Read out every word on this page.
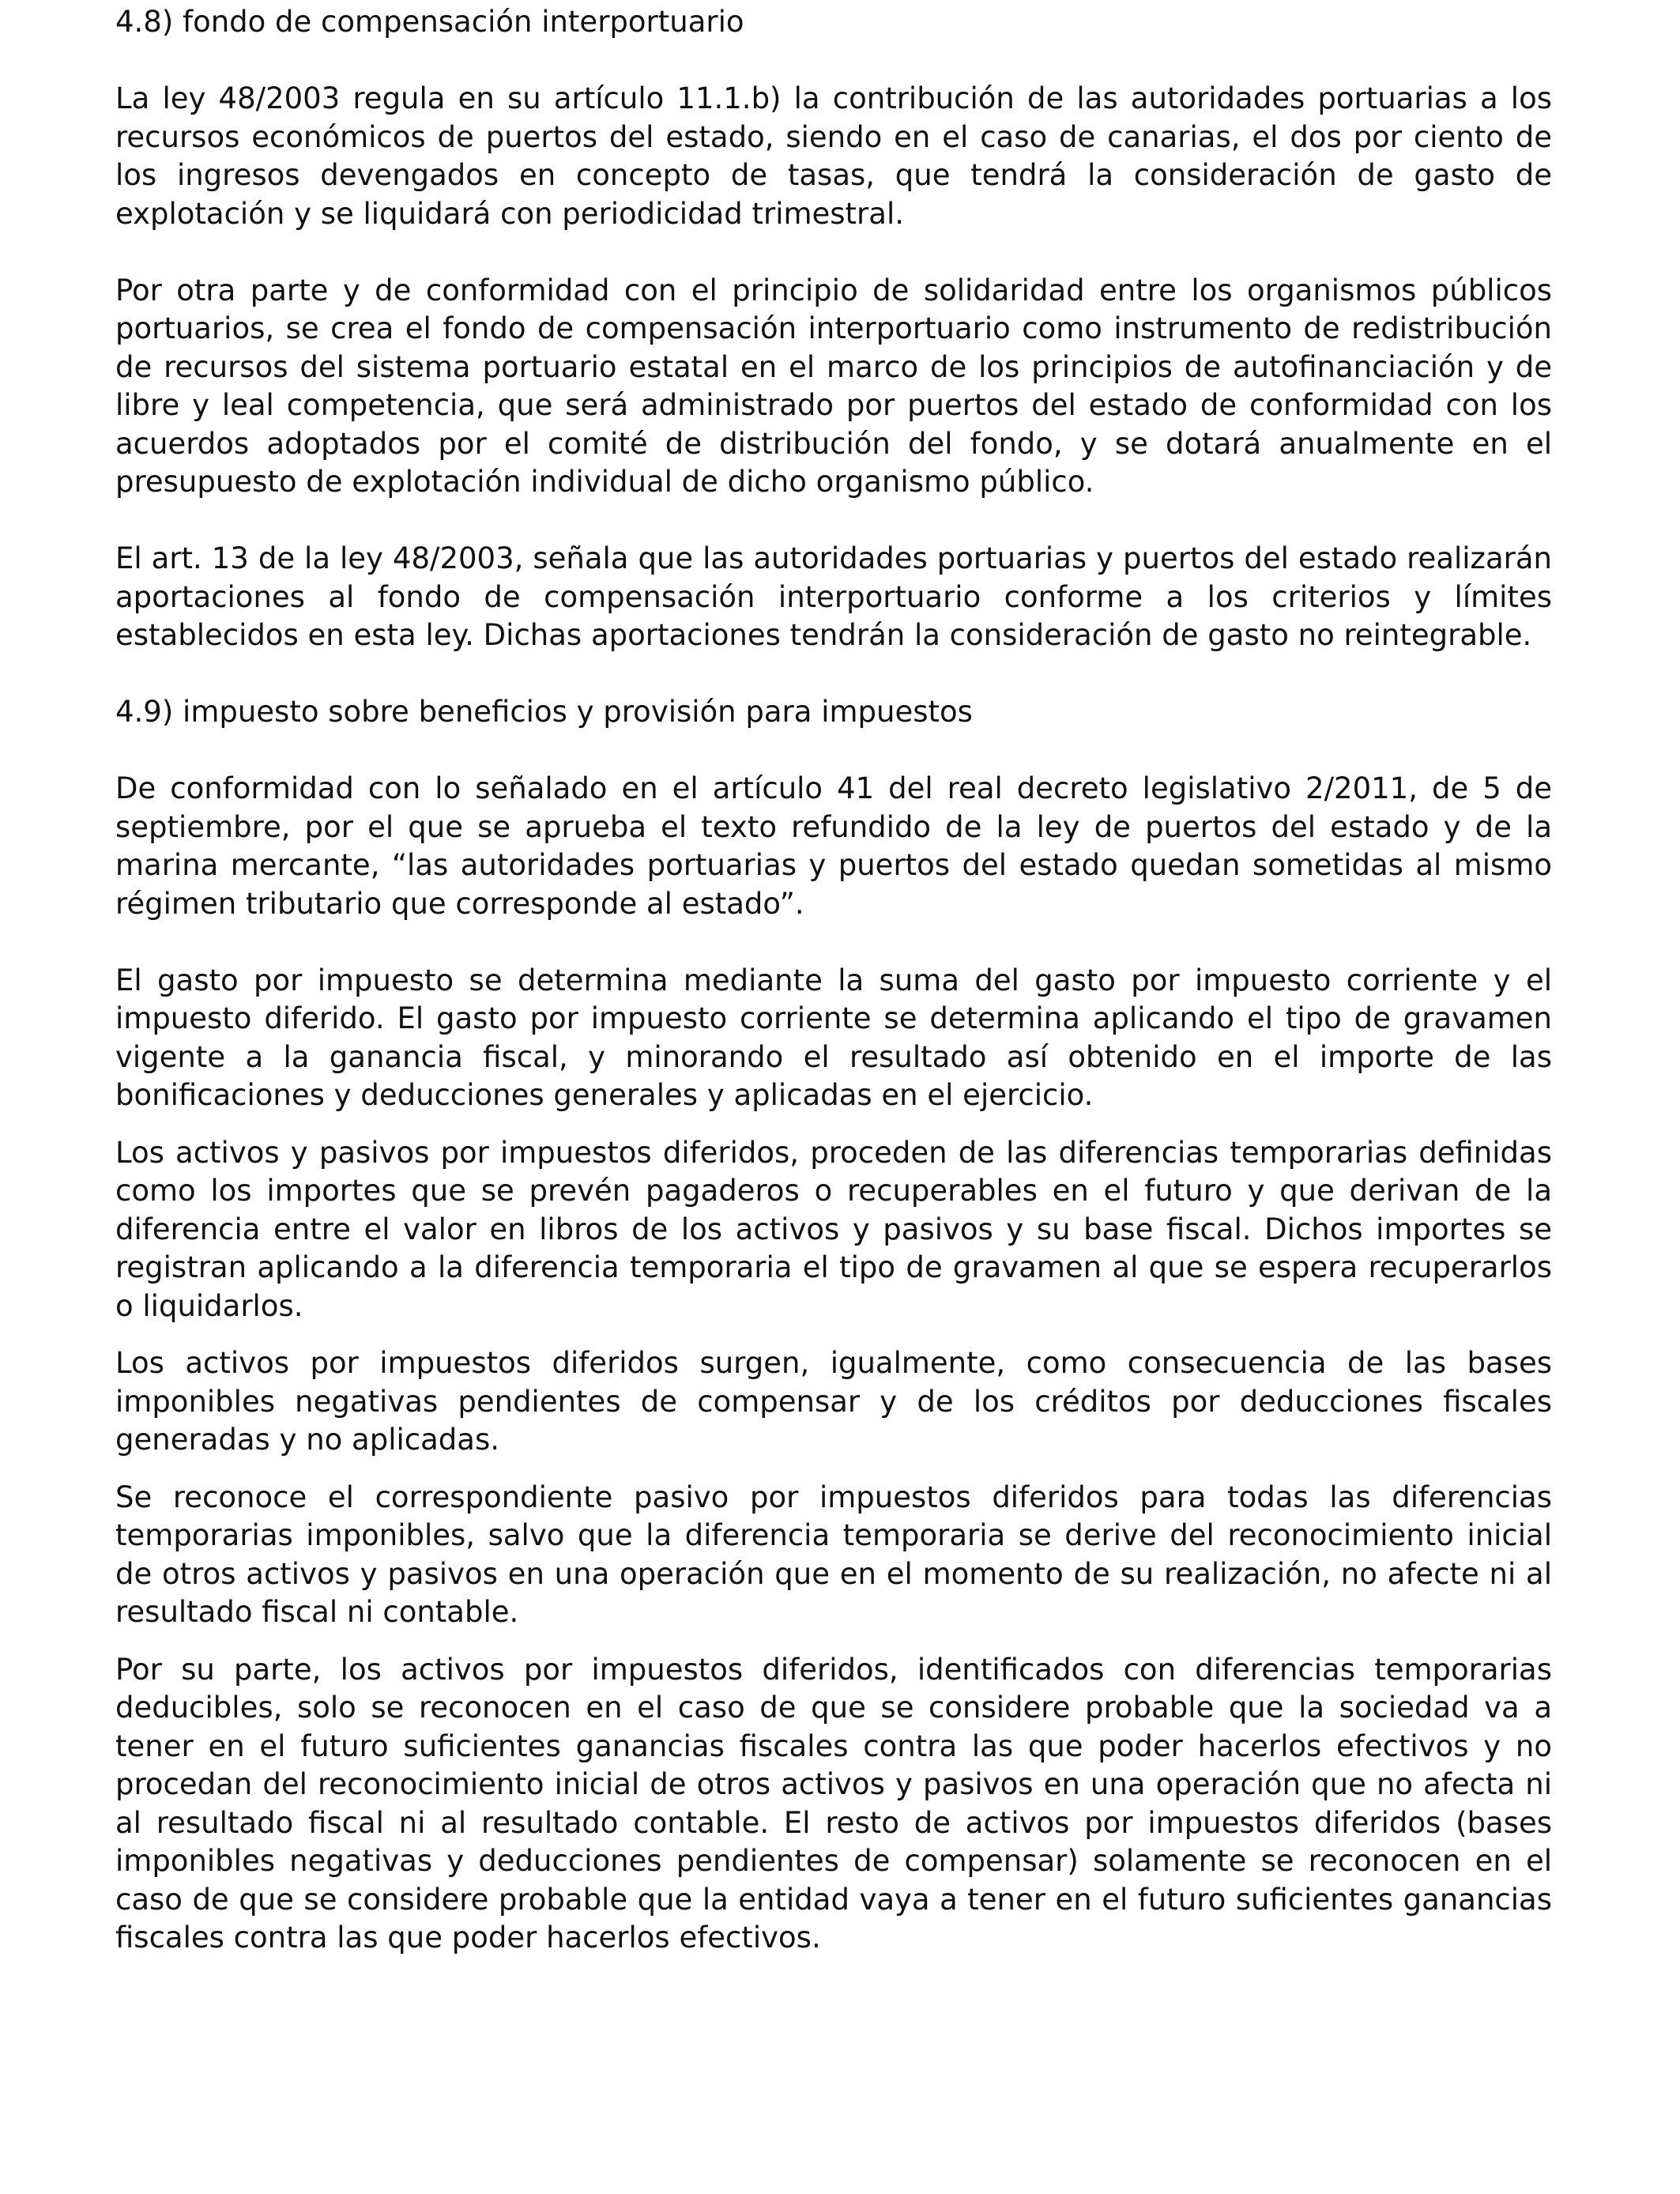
4.8) fondo de compensación interportuario

La ley 48/2003 regula en su artículo 11.1.b) la contribución de las autoridades portuarias a los recursos económicos de puertos del estado, siendo en el caso de canarias, el dos por ciento de los ingresos devengados en concepto de tasas, que tendrá la consideración de gasto de explotación y se liquidará con periodicidad trimestral.

Por otra parte y de conformidad con el principio de solidaridad entre los organismos públicos portuarios, se crea el fondo de compensación interportuario como instrumento de redistribución de recursos del sistema portuario estatal en el marco de los principios de autofinanciación y de libre y leal competencia, que será administrado por puertos del estado de conformidad con los acuerdos adoptados por el comité de distribución del fondo, y se dotará anualmente en el presupuesto de explotación individual de dicho organismo público.

El art. 13 de la ley 48/2003, señala que las autoridades portuarias y puertos del estado realizarán aportaciones al fondo de compensación interportuario conforme a los criterios y límites establecidos en esta ley. Dichas aportaciones tendrán la consideración de gasto no reintegrable.

4.9) impuesto sobre beneficios y provisión para impuestos

De conformidad con lo señalado en el artículo 41 del real decreto legislativo 2/2011, de 5 de septiembre, por el que se aprueba el texto refundido de la ley de puertos del estado y de la marina mercante, “las autoridades portuarias y puertos del estado quedan sometidas al mismo régimen tributario que corresponde al estado”.

El gasto por impuesto se determina mediante la suma del gasto por impuesto corriente y el impuesto diferido. El gasto por impuesto corriente se determina aplicando el tipo de gravamen vigente a la ganancia fiscal, y minorando el resultado así obtenido en el importe de las bonificaciones y deducciones generales y aplicadas en el ejercicio.

Los activos y pasivos por impuestos diferidos, proceden de las diferencias temporarias definidas como los importes que se prevén pagaderos o recuperables en el futuro y que derivan de la diferencia entre el valor en libros de los activos y pasivos y su base fiscal. Dichos importes se registran aplicando a la diferencia temporaria el tipo de gravamen al que se espera recuperarlos o liquidarlos.

Los activos por impuestos diferidos surgen, igualmente, como consecuencia de las bases imponibles negativas pendientes de compensar y de los créditos por deducciones fiscales generadas y no aplicadas.

Se reconoce el correspondiente pasivo por impuestos diferidos para todas las diferencias temporarias imponibles, salvo que la diferencia temporaria se derive del reconocimiento inicial de otros activos y pasivos en una operación que en el momento de su realización, no afecte ni al resultado fiscal ni contable.

Por su parte, los activos por impuestos diferidos, identificados con diferencias temporarias deducibles, solo se reconocen en el caso de que se considere probable que la sociedad va a tener en el futuro suficientes ganancias fiscales contra las que poder hacerlos efectivos y no procedan del reconocimiento inicial de otros activos y pasivos en una operación que no afecta ni al resultado fiscal ni al resultado contable. El resto de activos por impuestos diferidos (bases imponibles negativas y deducciones pendientes de compensar) solamente se reconocen en el caso de que se considere probable que la entidad vaya a tener en el futuro suficientes ganancias fiscales contra las que poder hacerlos efectivos.
